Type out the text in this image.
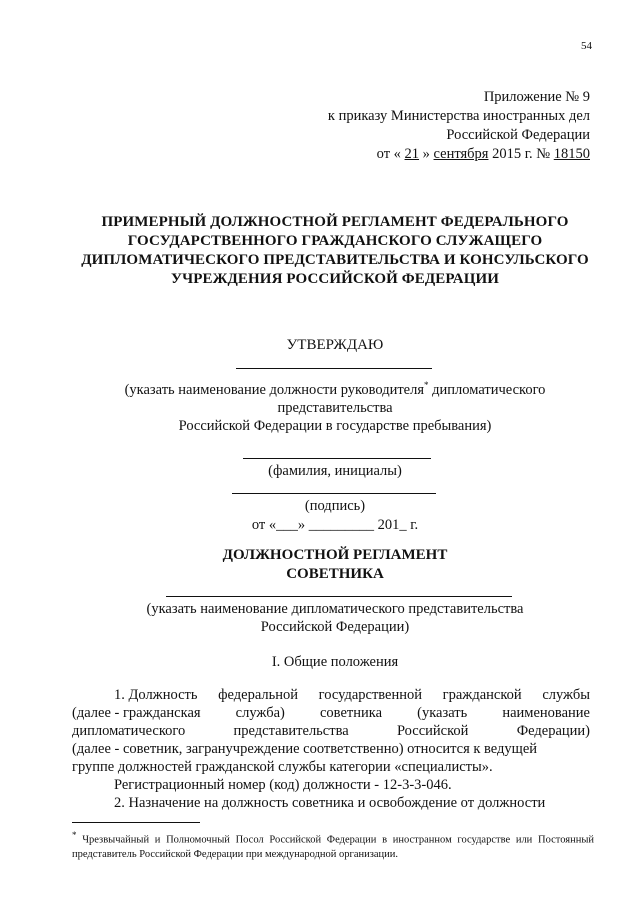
54
Приложение № 9
к приказу Министерства иностранных дел
Российской Федерации
от « 21 » сентября 2015 г. № 18150
ПРИМЕРНЫЙ ДОЛЖНОСТНОЙ РЕГЛАМЕНТ ФЕДЕРАЛЬНОГО
ГОСУДАРСТВЕННОГО ГРАЖДАНСКОГО СЛУЖАЩЕГО
ДИПЛОМАТИЧЕСКОГО ПРЕДСТАВИТЕЛЬСТВА И КОНСУЛЬСКОГО
УЧРЕЖДЕНИЯ РОССИЙСКОЙ ФЕДЕРАЦИИ
УТВЕРЖДАЮ
(указать наименование должности руководителя* дипломатического
представительства
Российской Федерации в государстве пребывания)
(фамилия, инициалы)
(подпись)
от «___» _________ 201_ г.
ДОЛЖНОСТНОЙ РЕГЛАМЕНТ
СОВЕТНИКА
(указать наименование дипломатического представительства
Российской Федерации)
I. Общие положения
1. Должность федеральной государственной гражданской службы
(далее - гражданская служба) советника (указать наименование
дипломатического	представительства	Российской	Федерации)
(далее - советник, загранучреждение соответственно) относится к ведущей
группе должностей гражданской службы категории «специалисты».
Регистрационный номер (код) должности - 12-3-3-046.
2. Назначение на должность советника и освобождение от должности
* Чрезвычайный и Полномочный Посол Российской Федерации в иностранном государстве или Постоянный представитель Российской Федерации при международной организации.
